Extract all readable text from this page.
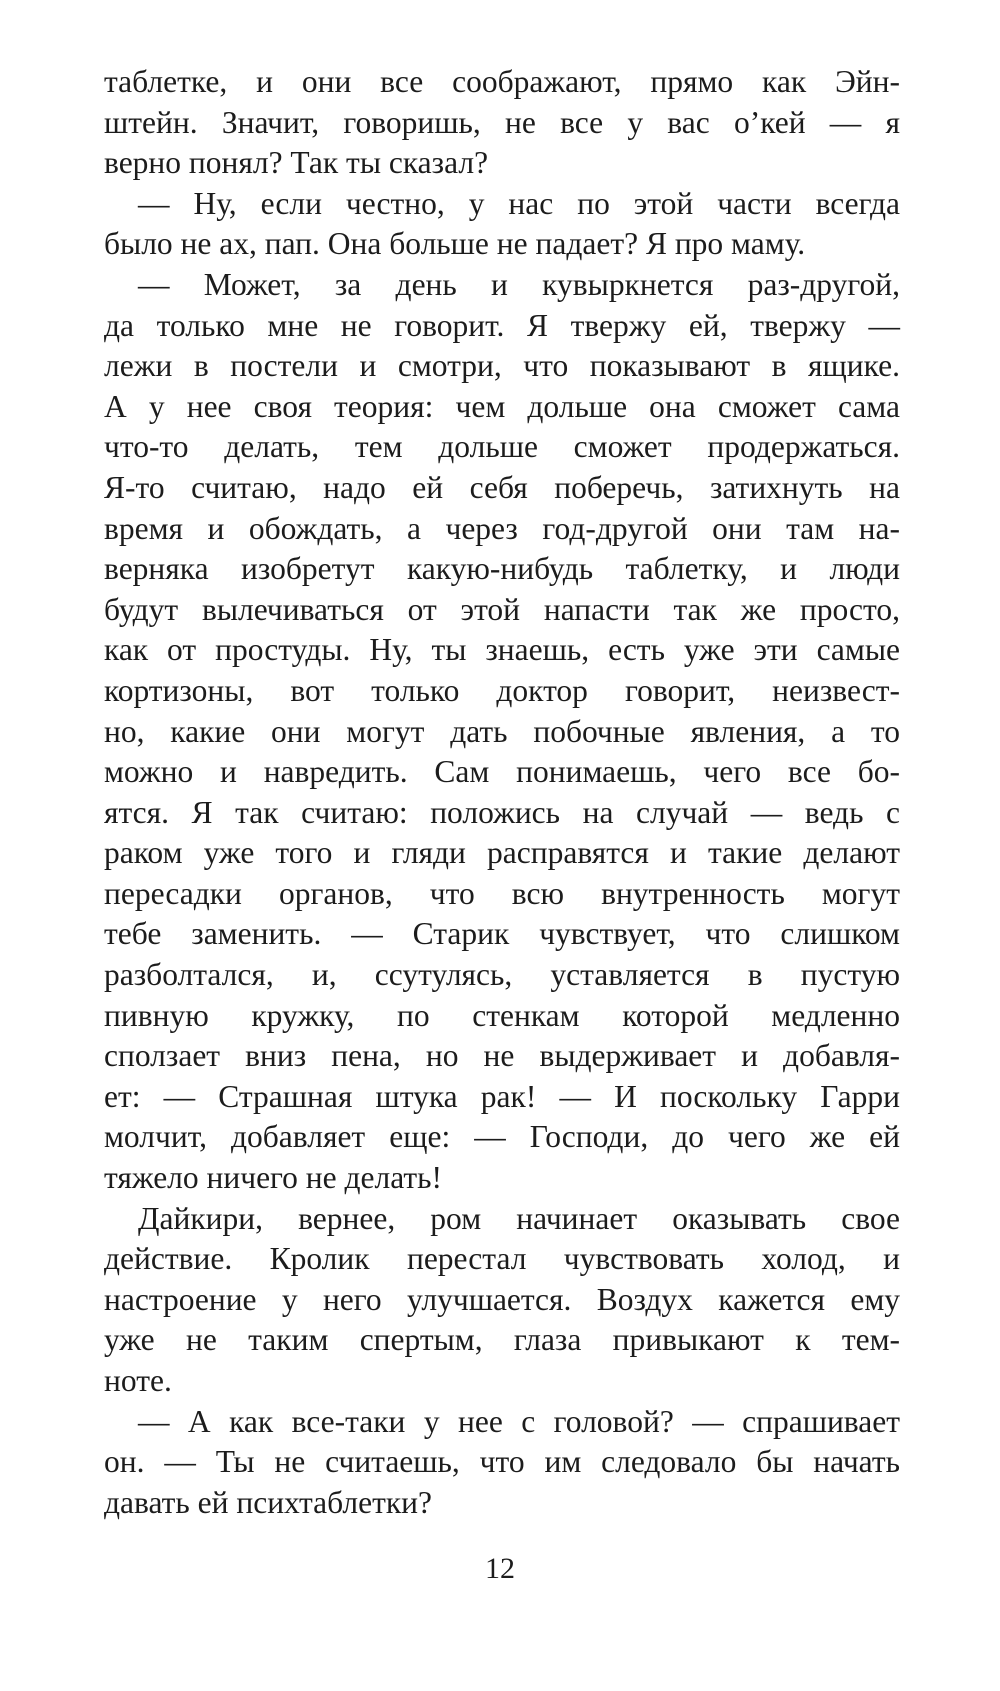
таблетке, и они все соображают, прямо как Эйн-
штейн. Значит, говоришь, не все у вас о’кей — я
верно понял? Так ты сказал?
— Ну, если честно, у нас по этой части всегда
было не ах, пап. Она больше не падает? Я про маму.
— Может, за день и кувыркнется раз-другой,
да только мне не говорит. Я твержу ей, твержу —
лежи в постели и смотри, что показывают в ящике.
А у нее своя теория: чем дольше она сможет сама
что-то делать, тем дольше сможет продержаться.
Я-то считаю, надо ей себя поберечь, затихнуть на
время и обождать, а через год-другой они там на-
верняка изобретут какую-нибудь таблетку, и люди
будут вылечиваться от этой напасти так же просто,
как от простуды. Ну, ты знаешь, есть уже эти самые
кортизоны, вот только доктор говорит, неизвест-
но, какие они могут дать побочные явления, а то
можно и навредить. Сам понимаешь, чего все бо-
ятся. Я так считаю: положись на случай — ведь с
раком уже того и гляди расправятся и такие делают
пересадки органов, что всю внутренность могут
тебе заменить. — Старик чувствует, что слишком
разболтался, и, ссутулясь, уставляется в пустую
пивную кружку, по стенкам которой медленно
сползает вниз пена, но не выдерживает и добавля-
ет: — Страшная штука рак! — И поскольку Гарри
молчит, добавляет еще: — Господи, до чего же ей
тяжело ничего не делать!
Дайкири, вернее, ром начинает оказывать свое
действие. Кролик перестал чувствовать холод, и
настроение у него улучшается. Воздух кажется ему
уже не таким спертым, глаза привыкают к тем-
ноте.
— А как все-таки у нее с головой? — спрашивает
он. — Ты не считаешь, что им следовало бы начать
давать ей психтаблетки?
12
